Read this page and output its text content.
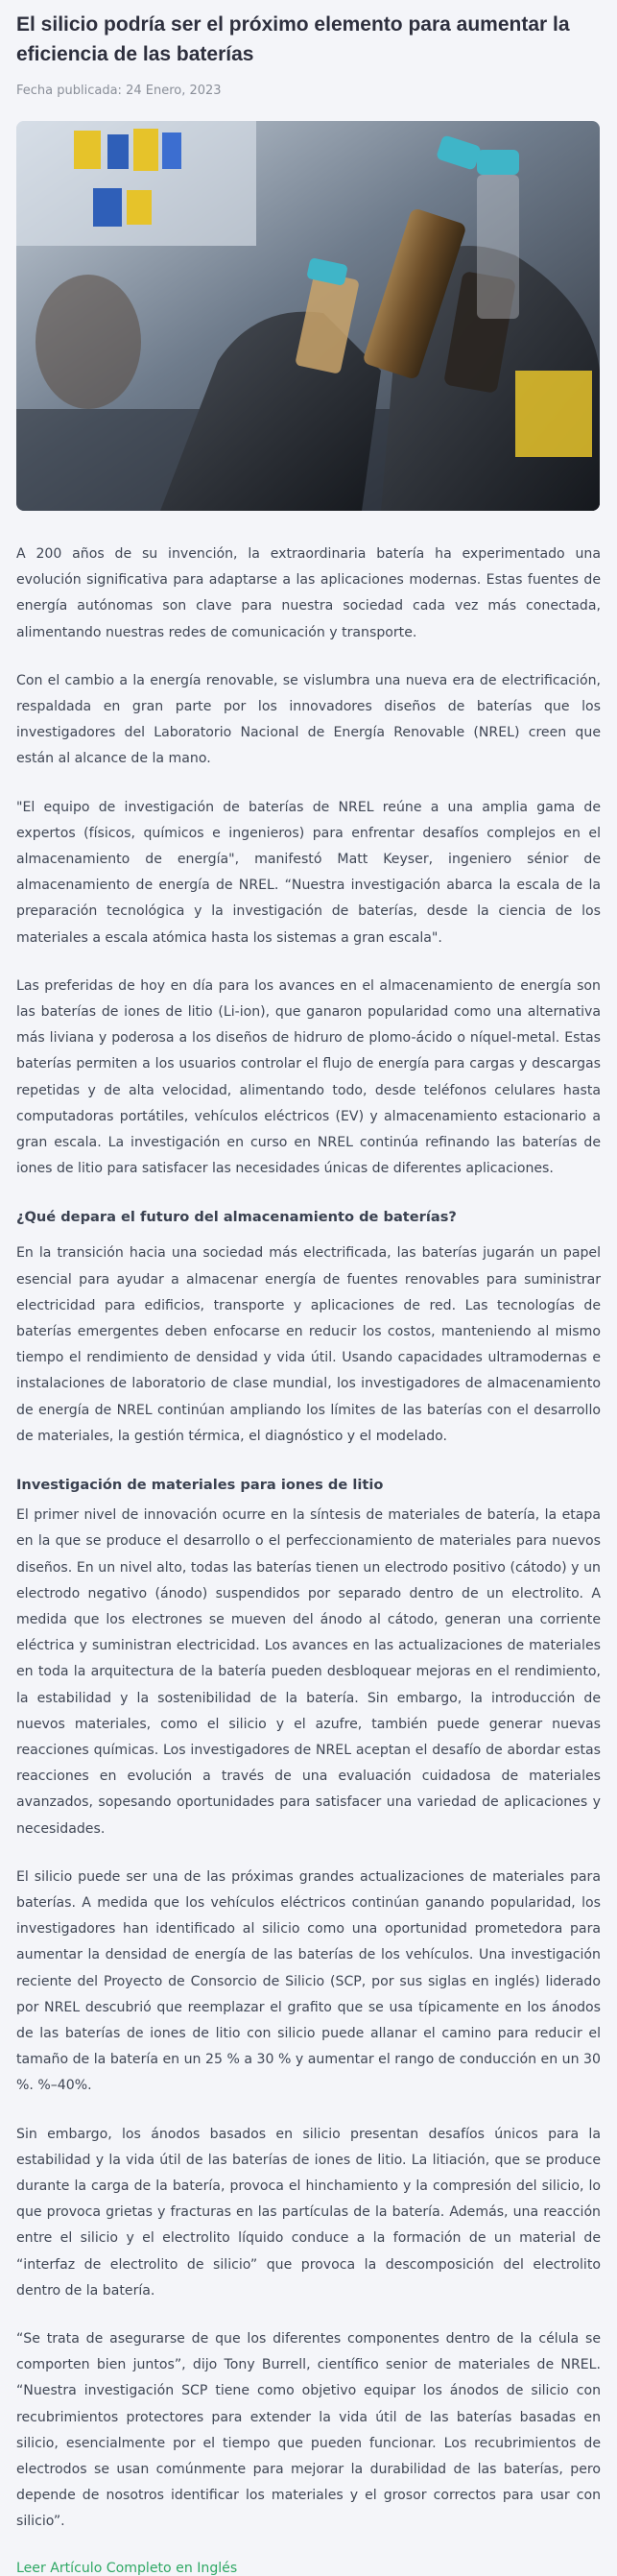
El silicio podría ser el próximo elemento para aumentar la eficiencia de las baterías
Fecha publicada: 24 Enero, 2023

A 200 años de su invención, la extraordinaria batería ha experimentado una evolución significativa para adaptarse a las aplicaciones modernas. Estas fuentes de energía autónomas son clave para nuestra sociedad cada vez más conectada, alimentando nuestras redes de comunicación y transporte.

Con el cambio a la energía renovable, se vislumbra una nueva era de electrificación, respaldada en gran parte por los innovadores diseños de baterías que los investigadores del Laboratorio Nacional de Energía Renovable (NREL) creen que están al alcance de la mano.

"El equipo de investigación de baterías de NREL reúne a una amplia gama de expertos (físicos, químicos e ingenieros) para enfrentar desafíos complejos en el almacenamiento de energía", manifestó Matt Keyser, ingeniero sénior de almacenamiento de energía de NREL. “Nuestra investigación abarca la escala de la preparación tecnológica y la investigación de baterías, desde la ciencia de los materiales a escala atómica hasta los sistemas a gran escala".

Las preferidas de hoy en día para los avances en el almacenamiento de energía son las baterías de iones de litio (Li-ion), que ganaron popularidad como una alternativa más liviana y poderosa a los diseños de hidruro de plomo-ácido o níquel-metal. Estas baterías permiten a los usuarios controlar el flujo de energía para cargas y descargas repetidas y de alta velocidad, alimentando todo, desde teléfonos celulares hasta computadoras portátiles, vehículos eléctricos (EV) y almacenamiento estacionario a gran escala. La investigación en curso en NREL continúa refinando las baterías de iones de litio para satisfacer las necesidades únicas de diferentes aplicaciones.

¿Qué depara el futuro del almacenamiento de baterías?

En la transición hacia una sociedad más electrificada, las baterías jugarán un papel esencial para ayudar a almacenar energía de fuentes renovables para suministrar electricidad para edificios, transporte y aplicaciones de red. Las tecnologías de baterías emergentes deben enfocarse en reducir los costos, manteniendo al mismo tiempo el rendimiento de densidad y vida útil. Usando capacidades ultramodernas e instalaciones de laboratorio de clase mundial, los investigadores de almacenamiento de energía de NREL continúan ampliando los límites de las baterías con el desarrollo de materiales, la gestión térmica, el diagnóstico y el modelado.

Investigación de materiales para iones de litio

El primer nivel de innovación ocurre en la síntesis de materiales de batería, la etapa en la que se produce el desarrollo o el perfeccionamiento de materiales para nuevos diseños. En un nivel alto, todas las baterías tienen un electrodo positivo (cátodo) y un electrodo negativo (ánodo) suspendidos por separado dentro de un electrolito. A medida que los electrones se mueven del ánodo al cátodo, generan una corriente eléctrica y suministran electricidad. Los avances en las actualizaciones de materiales en toda la arquitectura de la batería pueden desbloquear mejoras en el rendimiento, la estabilidad y la sostenibilidad de la batería. Sin embargo, la introducción de nuevos materiales, como el silicio y el azufre, también puede generar nuevas reacciones químicas. Los investigadores de NREL aceptan el desafío de abordar estas reacciones en evolución a través de una evaluación cuidadosa de materiales avanzados, sopesando oportunidades para satisfacer una variedad de aplicaciones y necesidades.

El silicio puede ser una de las próximas grandes actualizaciones de materiales para baterías. A medida que los vehículos eléctricos continúan ganando popularidad, los investigadores han identificado al silicio como una oportunidad prometedora para aumentar la densidad de energía de las baterías de los vehículos. Una investigación reciente del Proyecto de Consorcio de Silicio (SCP, por sus siglas en inglés) liderado por NREL descubrió que reemplazar el grafito que se usa típicamente en los ánodos de las baterías de iones de litio con silicio puede allanar el camino para reducir el tamaño de la batería en un 25 % a 30 % y aumentar el rango de conducción en un 30 %. %–40%.

Sin embargo, los ánodos basados en silicio presentan desafíos únicos para la estabilidad y la vida útil de las baterías de iones de litio. La litiación, que se produce durante la carga de la batería, provoca el hinchamiento y la compresión del silicio, lo que provoca grietas y fracturas en las partículas de la batería. Además, una reacción entre el silicio y el electrolito líquido conduce a la formación de un material de “interfaz de electrolito de silicio” que provoca la descomposición del electrolito dentro de la batería.

“Se trata de asegurarse de que los diferentes componentes dentro de la célula se comporten bien juntos”, dijo Tony Burrell, científico senior de materiales de NREL. “Nuestra investigación SCP tiene como objetivo equipar los ánodos de silicio con recubrimientos protectores para extender la vida útil de las baterías basadas en silicio, esencialmente por el tiempo que pueden funcionar. Los recubrimientos de electrodos se usan comúnmente para mejorar la durabilidad de las baterías, pero depende de nosotros identificar los materiales y el grosor correctos para usar con silicio”.

Leer Artículo Completo en Inglés
